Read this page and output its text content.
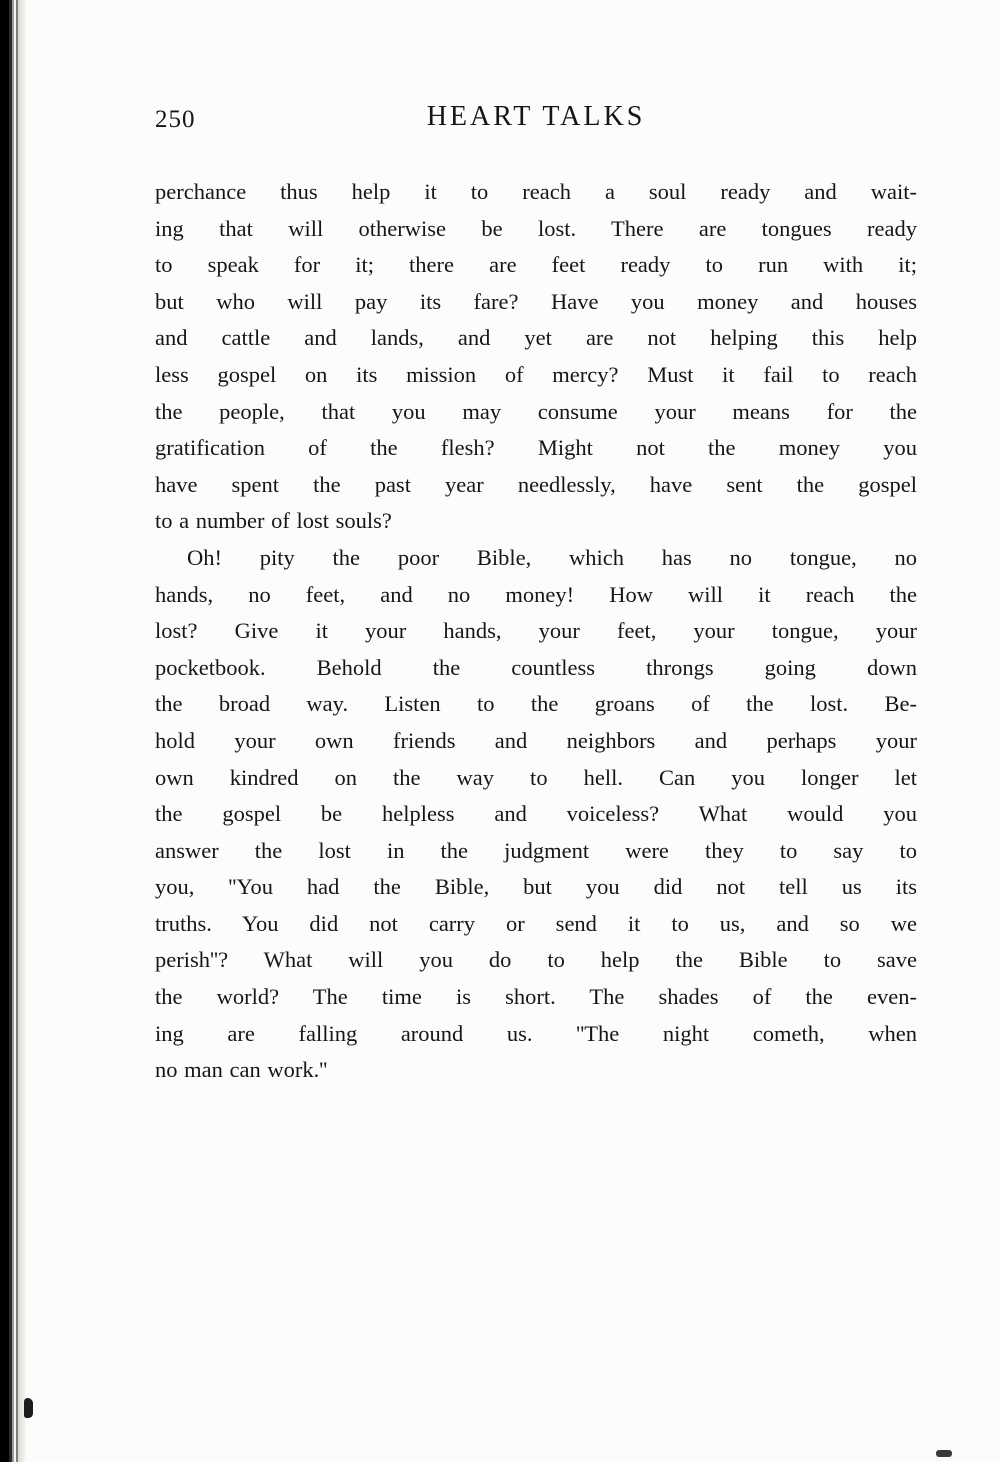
250	HEART TALKS
perchance thus help it to reach a soul ready and wait-
ing that will otherwise be lost. There are tongues ready
to speak for it; there are feet ready to run with it;
but who will pay its fare? Have you money and houses
and cattle and lands, and yet are not helping this help
less gospel on its mission of mercy? Must it fail to reach
the people, that you may consume your means for the
gratification of the flesh? Might not the money you
have spent the past year needlessly, have sent the gospel
to a number of lost souls?
Oh! pity the poor Bible, which has no tongue, no
hands, no feet, and no money! How will it reach the
lost? Give it your hands, your feet, your tongue, your
pocketbook. Behold the countless throngs going down
the broad way. Listen to the groans of the lost. Be-
hold your own friends and neighbors and perhaps your
own kindred on the way to hell. Can you longer let
the gospel be helpless and voiceless? What would you
answer the lost in the judgment were they to say to
you, ''You had the Bible, but you did not tell us its
truths. You did not carry or send it to us, and so we
perish''? What will you do to help the Bible to save
the world? The time is short. The shades of the even-
ing are falling around us. ''The night cometh, when
no man can work.''
